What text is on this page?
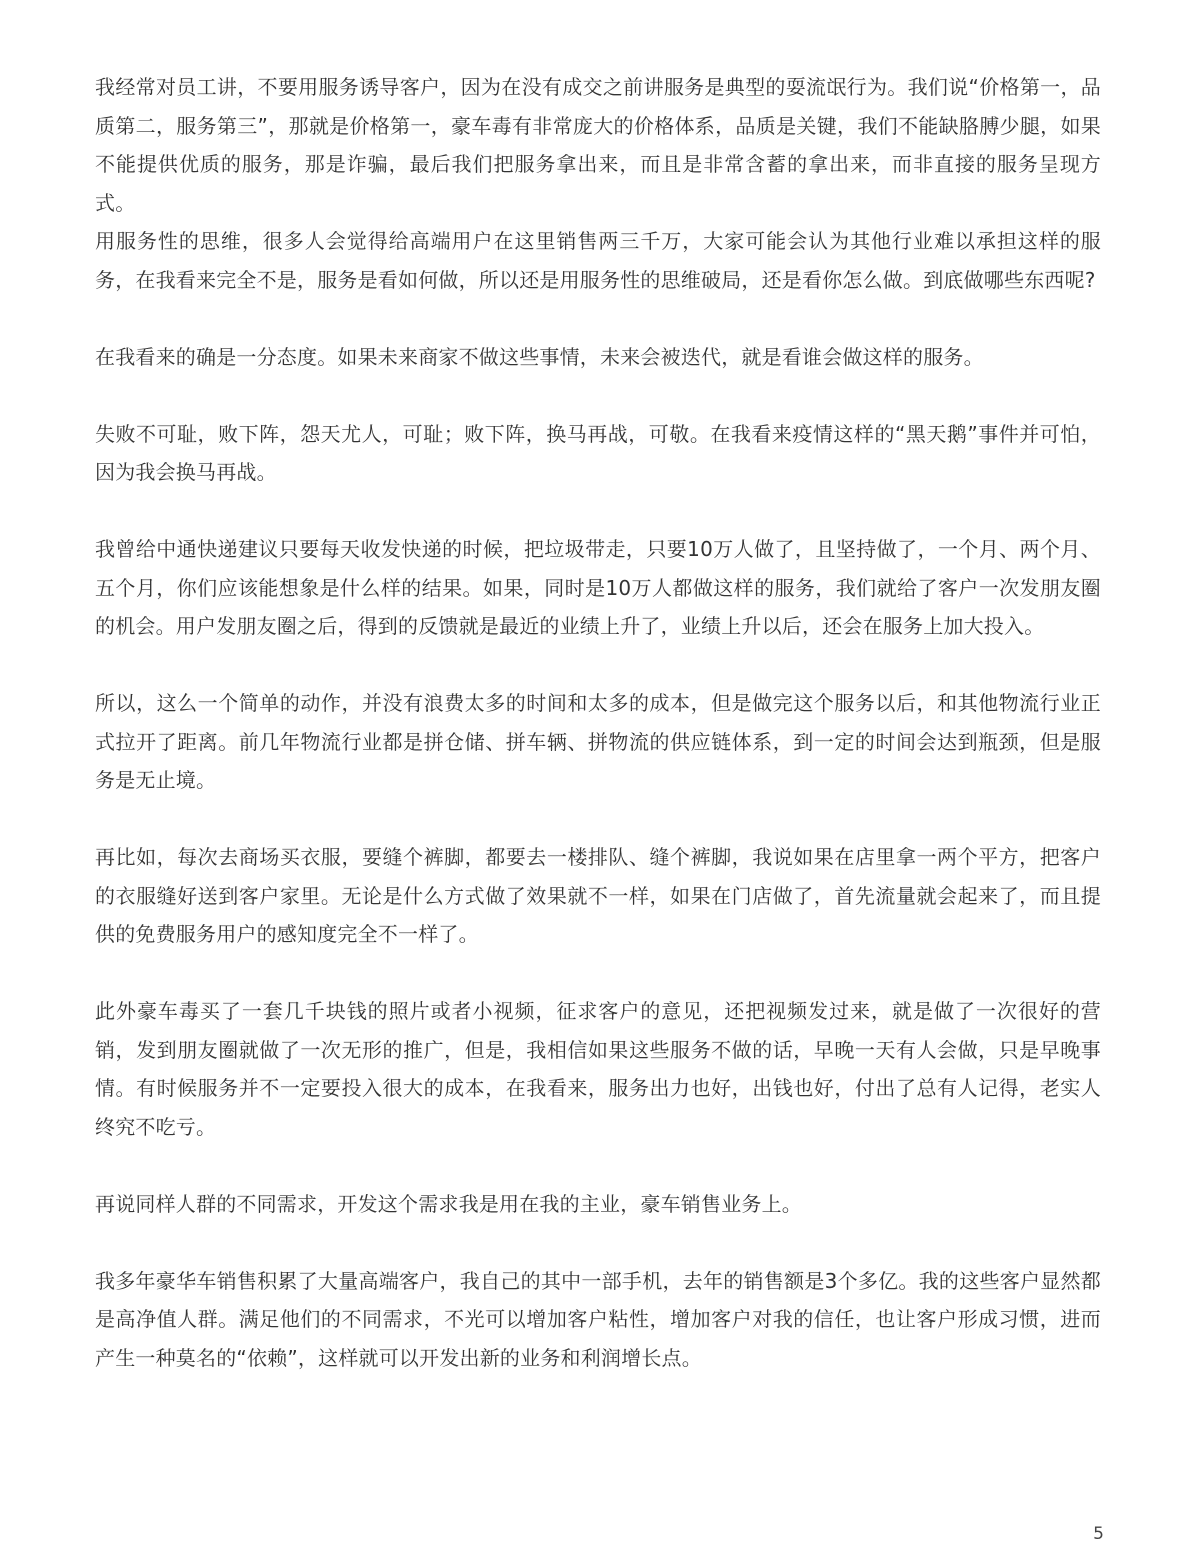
我经常对员工讲，不要用服务诱导客户，因为在没有成交之前讲服务是典型的耍流氓行为。我们说“价格第一，品质第二，服务第三”，那就是价格第一，豪车毒有非常庞大的价格体系，品质是关键，我们不能缺胳膊少腿，如果不能提供优质的服务，那是诈骗，最后我们把服务拿出来，而且是非常含蓄的拿出来，而非直接的服务呈现方式。

用服务性的思维，很多人会觉得给高端用户在这里销售两三千万，大家可能会认为其他行业难以承担这样的服务，在我看来完全不是，服务是看如何做，所以还是用服务性的思维破局，还是看你怎么做。到底做哪些东西呢?

在我看来的确是一分态度。如果未来商家不做这些事情，未来会被迭代，就是看谁会做这样的服务。

失败不可耻，败下阵，怨天尤人，可耻；败下阵，换马再战，可敬。在我看来疫情这样的“黑天鹅”事件并可怕，因为我会换马再战。

我曾给中通快递建议只要每天收发快递的时候，把垃圾带走，只要10万人做了，且坚持做了，一个月、两个月、五个月，你们应该能想象是什么样的结果。如果，同时是10万人都做这样的服务，我们就给了客户一次发朋友圈的机会。用户发朋友圈之后，得到的反馈就是最近的业绩上升了，业绩上升以后，还会在服务上加大投入。

所以，这么一个简单的动作，并没有浪费太多的时间和太多的成本，但是做完这个服务以后，和其他物流行业正式拉开了距离。前几年物流行业都是拼仓储、拼车辆、拼物流的供应链体系，到一定的时间会达到瓶颈，但是服务是无止境。

再比如，每次去商场买衣服，要缝个裤脚，都要去一楼排队、缝个裤脚，我说如果在店里拿一两个平方，把客户的衣服缝好送到客户家里。无论是什么方式做了效果就不一样，如果在门店做了，首先流量就会起来了，而且提供的免费服务用户的感知度完全不一样了。

此外豪车毒买了一套几千块钱的照片或者小视频，征求客户的意见，还把视频发过来，就是做了一次很好的营销，发到朋友圈就做了一次无形的推广，但是，我相信如果这些服务不做的话，早晚一天有人会做，只是早晚事情。有时候服务并不一定要投入很大的成本，在我看来，服务出力也好，出钱也好，付出了总有人记得，老实人终究不吃亏。

再说同样人群的不同需求，开发这个需求我是用在我的主业，豪车销售业务上。

我多年豪华车销售积累了大量高端客户，我自己的其中一部手机，去年的销售额是3个多亿。我的这些客户显然都是高净值人群。满足他们的不同需求，不光可以增加客户粘性，增加客户对我的信任，也让客户形成习惯，进而产生一种莫名的“依赖”，这样就可以开发出新的业务和利润增长点。

5
